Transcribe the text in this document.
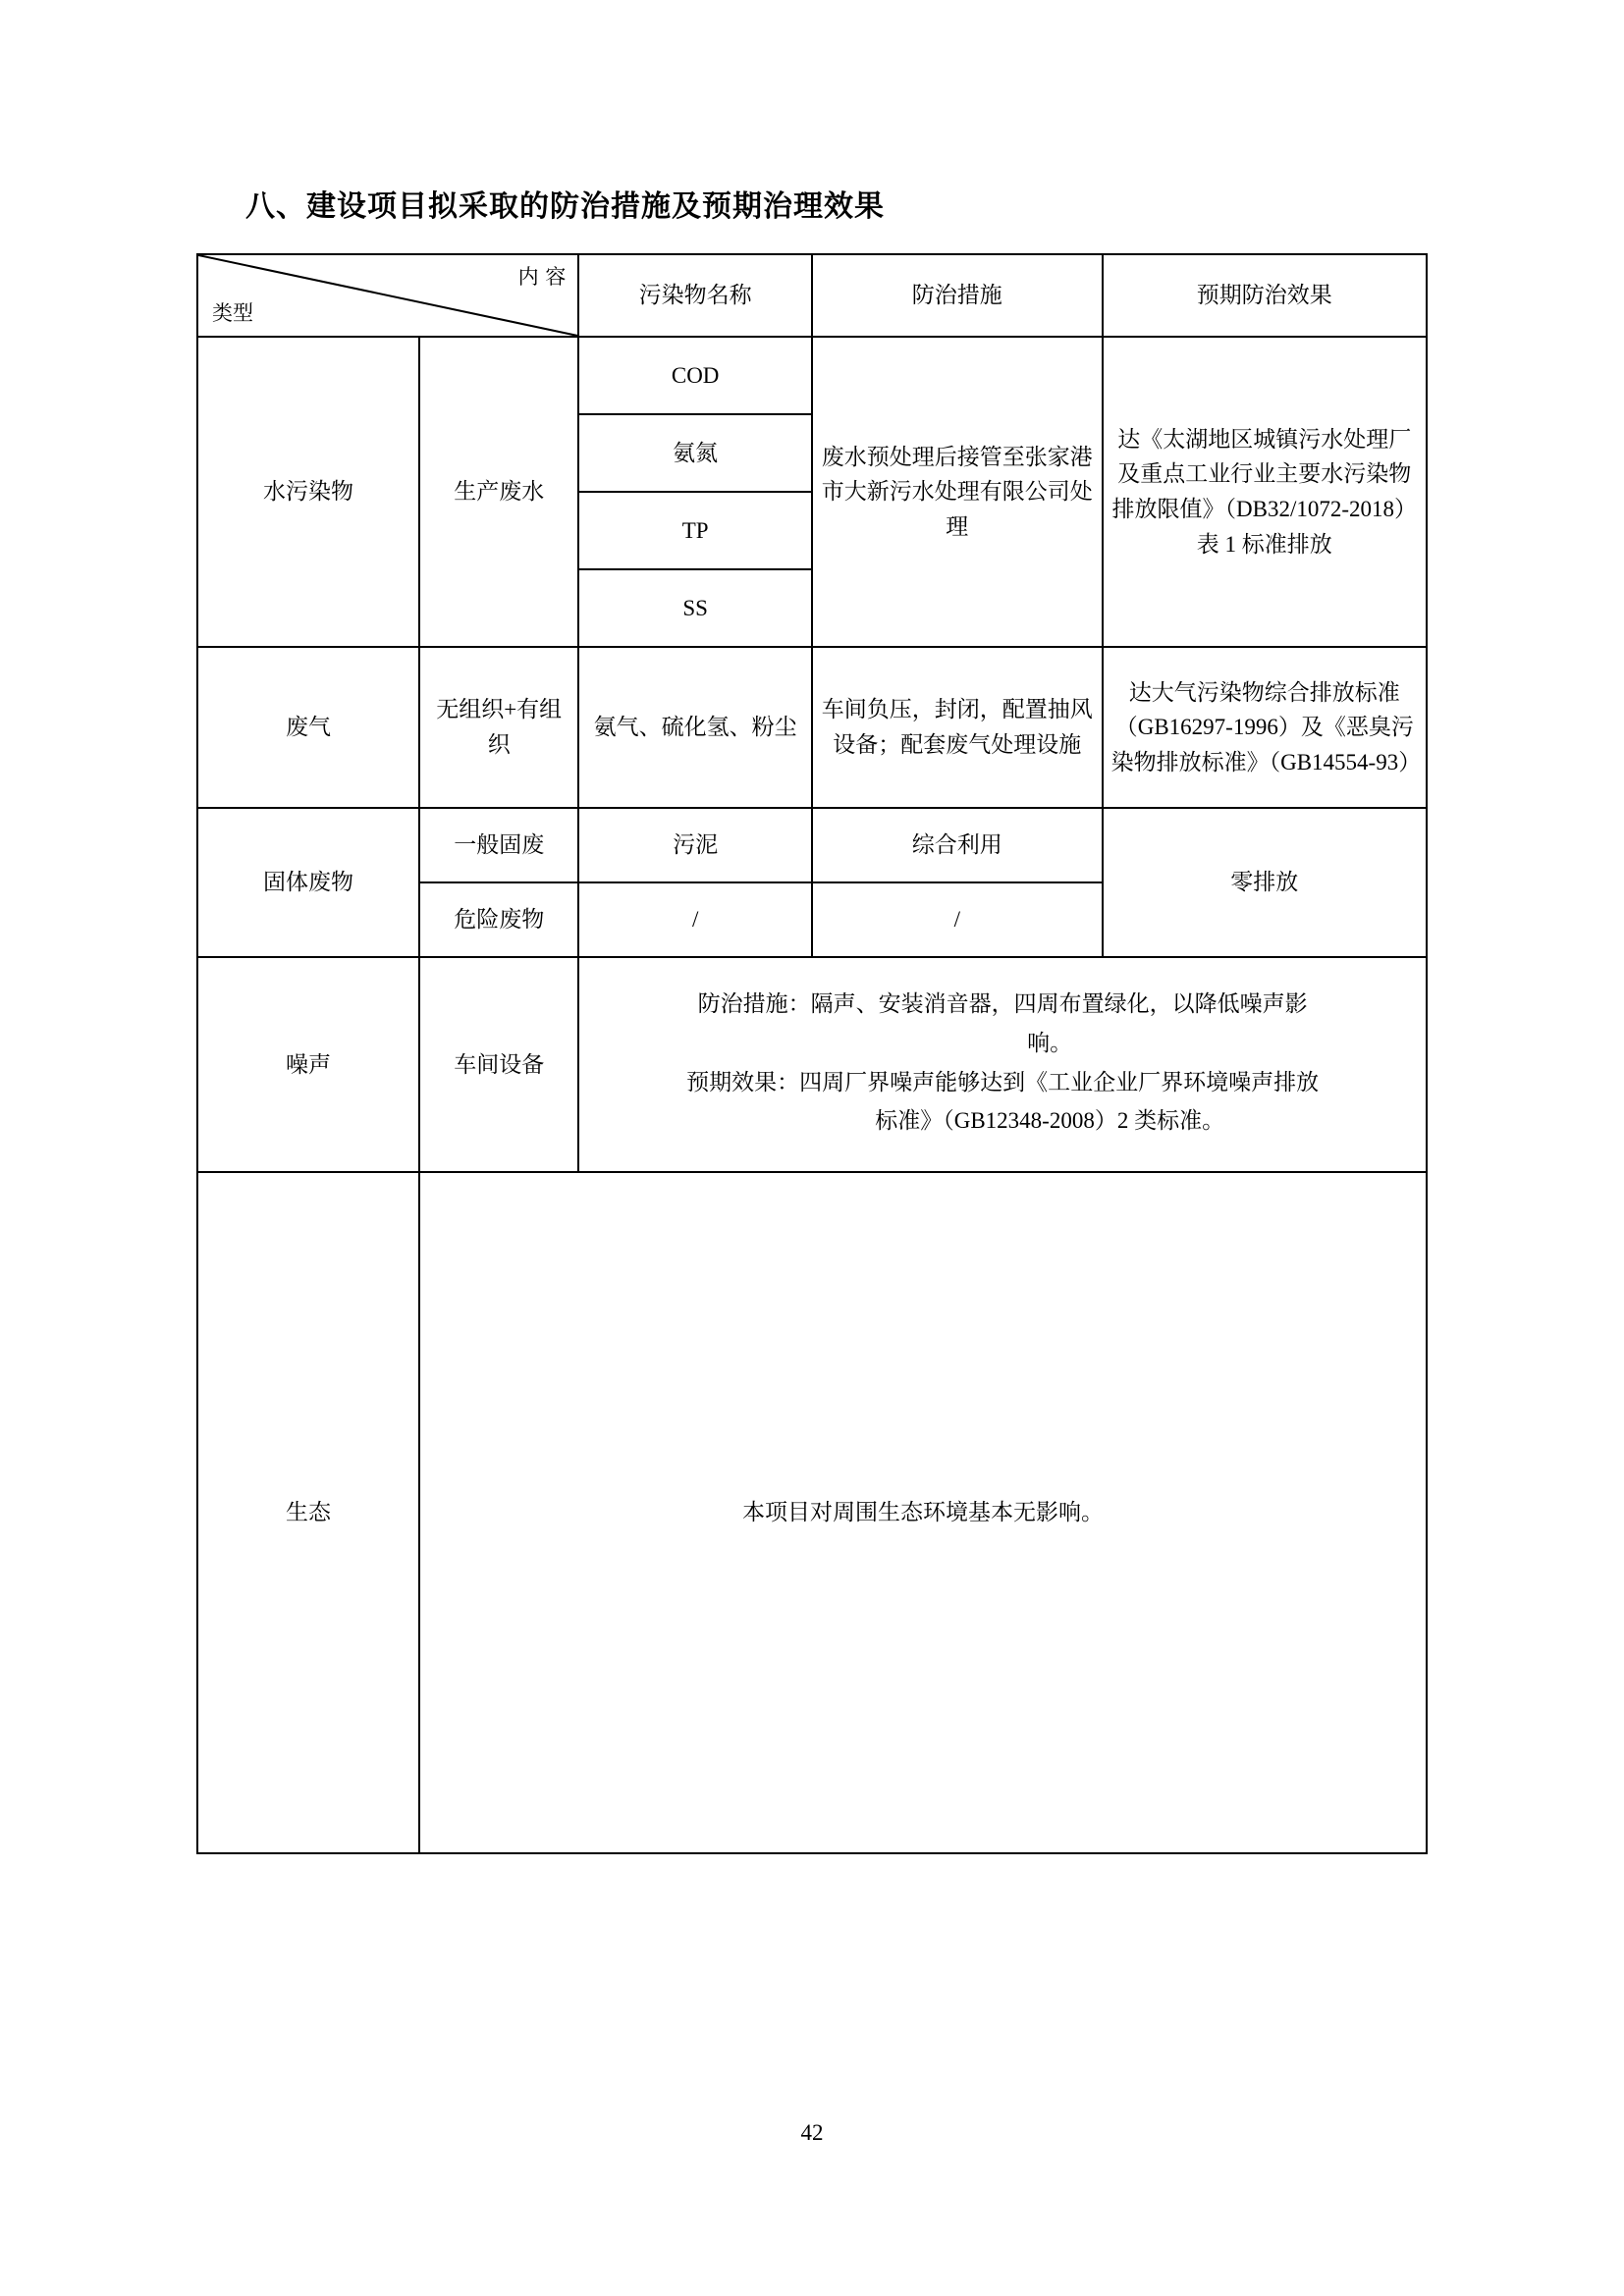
八、建设项目拟采取的防治措施及预期治理效果
内 容
类型		污染物名称	防治措施	预期防治效果
水污染物	生产废水	COD	废水预处理后接管至张家港市大新污水处理有限公司处理	达《太湖地区城镇污水处理厂及重点工业行业主要水污染物排放限值》（DB32/1072-2018）表 1 标准排放
		氨氮		
		TP		
		SS		
废气	无组织+有组织	氨气、硫化氢、粉尘	车间负压，封闭，配置抽风设备；配套废气处理设施	达大气污染物综合排放标准（GB16297-1996）及《恶臭污染物排放标准》（GB14554-93）
固体废物	一般固废	污泥	综合利用	零排放
	危险废物	/	/	
噪声	车间设备	防治措施：隔声、安装消音器，四周布置绿化，以降低噪声影

响。

预期效果：四周厂界噪声能够达到《工业企业厂界环境噪声排放

标准》（GB12348-2008）2 类标准。		

生态	本项目对周围生态环境基本无影响。			
42
